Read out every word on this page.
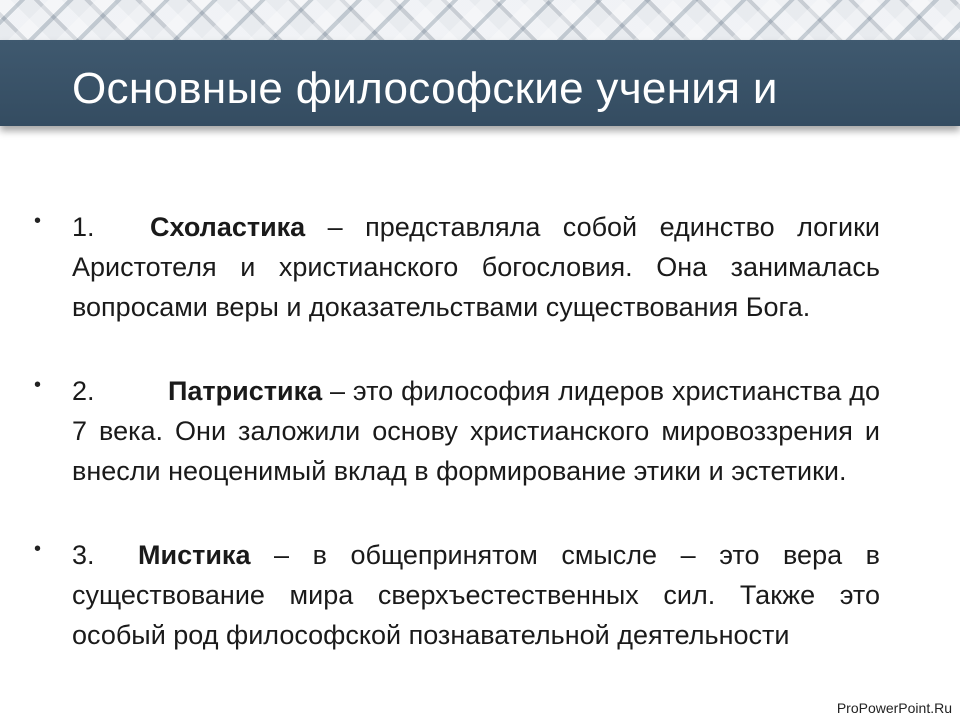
Основные философские учения и
• 1. Схоластика – представляла собой единство логики Аристотеля и христианского богословия. Она занималась вопросами веры и доказательствами существования Бога.
• 2.	Патристика – это философия лидеров христианства до 7 века. Они заложили основу христианского мировоззрения и внесли неоценимый вклад в формирование этики и эстетики.
• 3. Мистика – в общепринятом смысле – это вера в существование мира сверхъестественных сил. Также это особый род философской познавательной деятельности
ProPowerPoint.Ru
